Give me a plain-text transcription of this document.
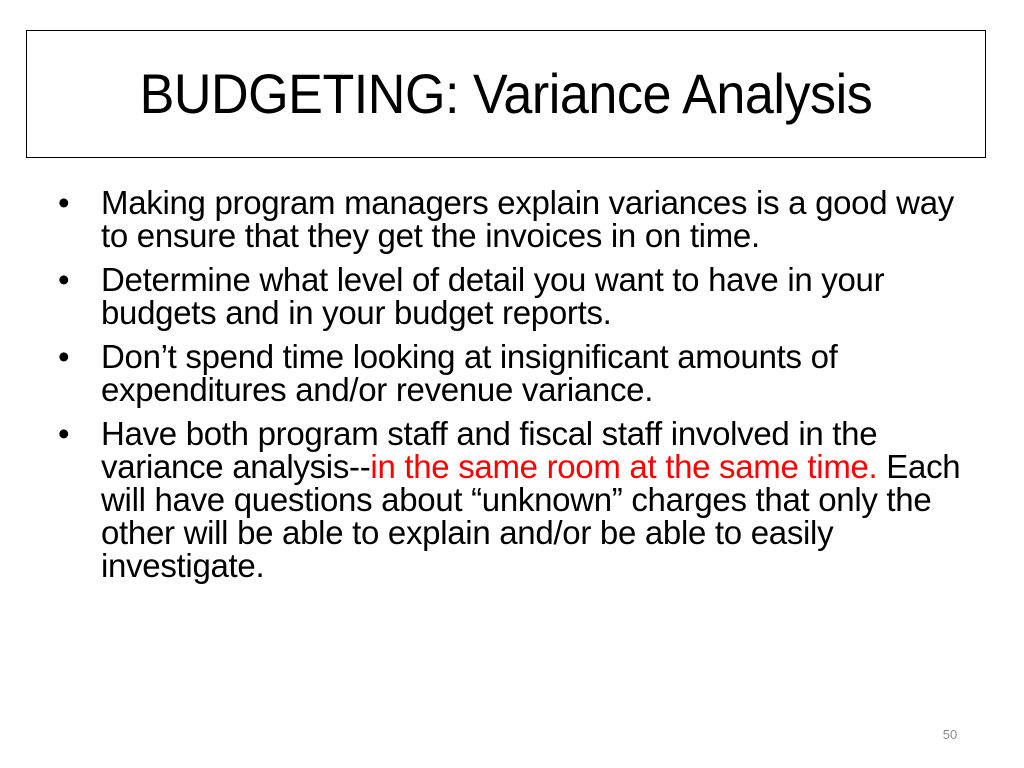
BUDGETING: Variance Analysis
• Making program managers explain variances is a good way to ensure that they get the invoices in on time.
• Determine what level of detail you want to have in your budgets and in your budget reports.
• Don’t spend time looking at insignificant amounts of expenditures and/or revenue variance.
• Have both program staff and fiscal staff involved in the variance analysis--in the same room at the same time. Each will have questions about “unknown” charges that only the other will be able to explain and/or be able to easily investigate.
50
